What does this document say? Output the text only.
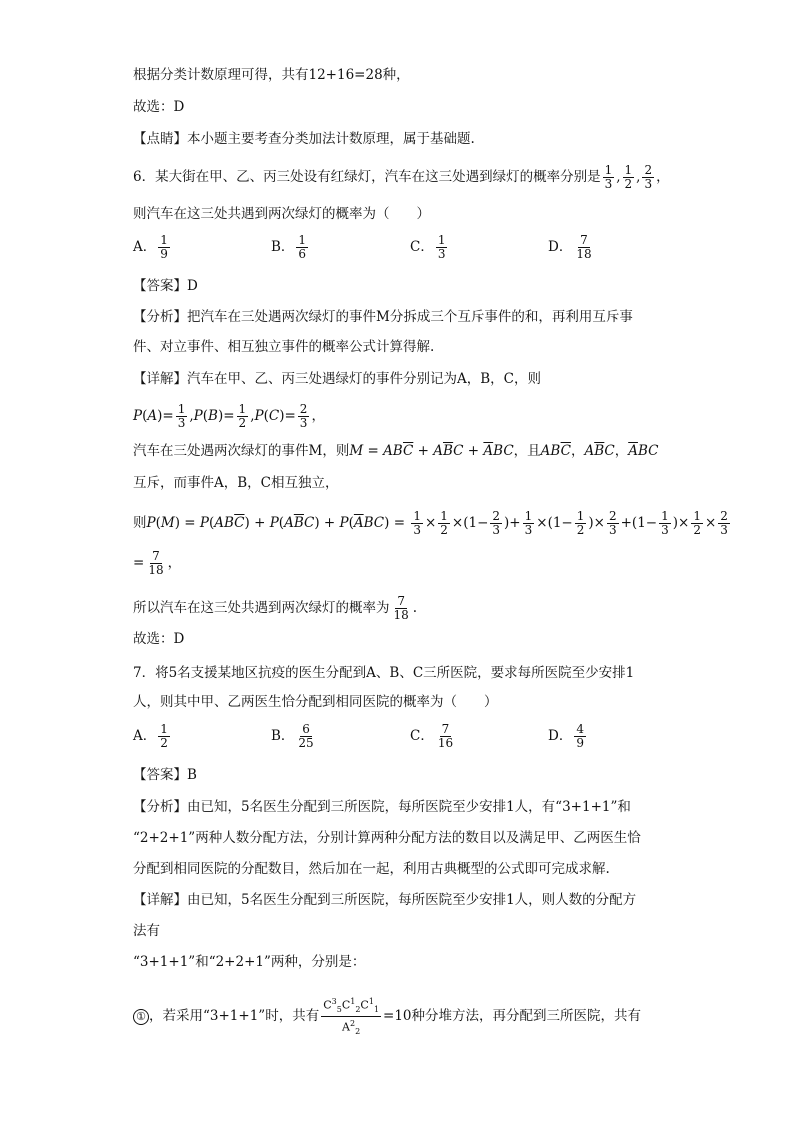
根据分类计数原理可得，共有12+16=28种，
故选：D
【点睛】本小题主要考查分类加法计数原理，属于基础题.
6．某大街在甲、乙、丙三处设有红绿灯，汽车在这三处遇到绿灯的概率分别是 $\frac{1}{3}$ , $\frac{1}{2}$ , $\frac{2}{3}$ ，
则汽车在这三处共遇到两次绿灯的概率为（　　）
A． $\frac{1}{9}$	B． $\frac{1}{6}$	C． $\frac{1}{3}$	D． $\frac{7}{18}$
【答案】D
【分析】把汽车在三处遇两次绿灯的事件M分拆成三个互斥事件的和，再利用互斥事
件、对立事件、相互独立事件的概率公式计算得解.
【详解】汽车在甲、乙、丙三处遇绿灯的事件分别记为A，B，C，则
$P(A)= \frac{1}{3} ,P(B)= \frac{1}{2} ,P(C)= \frac{2}{3}$ ，
汽车在三处遇两次绿灯的事件M，则$M = AB\overline{C} + A\overline{B}C + \overline{A}BC$，且$AB\overline{C}$，$A\overline{B}C$，$\overline{A}BC$
互斥，而事件A，B，C相互独立，
则$P(M) = P(AB\overline{C}) + P(A\overline{B}C) + P(\overline{A}BC) = \frac{1}{3} \times \frac{1}{2} \times(1- \frac{2}{3}$ )+ $\frac{1}{3} \times(1- \frac{1}{2}$ )× $\frac{2}{3} +(1- \frac{1}{3}$ )× $\frac{1}{2} \times \frac{2}{3}$
= $\frac{7}{18}$ ，
所以汽车在这三处共遇到两次绿灯的概率为 $\frac{7}{18}$ .
故选：D
7．将5名支援某地区抗疫的医生分配到A、B、C三所医院，要求每所医院至少安排1
人，则其中甲、乙两医生恰分配到相同医院的概率为（　　）
A． $\frac{1}{2}$	B． $\frac{6}{25}$	C． $\frac{7}{16}$	D． $\frac{4}{9}$
【答案】B
【分析】由已知，5名医生分配到三所医院，每所医院至少安排1人，有“3+1+1”和
“2+2+1”两种人数分配方法，分别计算两种分配方法的数目以及满足甲、乙两医生恰
分配到相同医院的分配数目，然后加在一起，利用古典概型的公式即可完成求解.
【详解】由已知，5名医生分配到三所医院，每所医院至少安排1人，则人数的分配方
法有
“3+1+1”和“2+2+1”两种，分别是：
① ，若采用“3+1+1”时，共有 $\frac{C^3_5C^1_2C^1_1}{A^2_2} =10$种分堆方法，再分配到三所医院，共有
